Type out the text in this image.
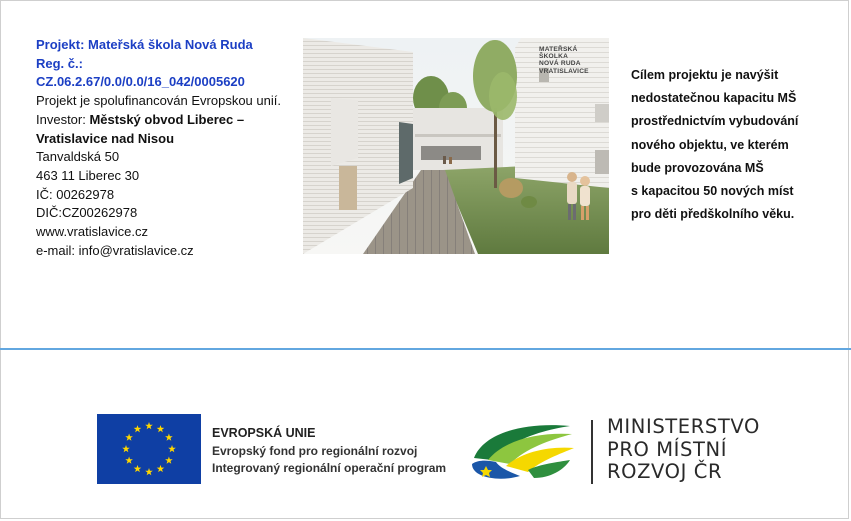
Projekt: Mateřská škola Nová Ruda
Reg. č.:
CZ.06.2.67/0.0/0.0/16_042/0005620
Projekt je spolufinancován Evropskou unií.
Investor: Městský obvod Liberec –
Vratislavice nad Nisou
Tanvaldská 50
463 11 Liberec 30
IČ: 00262978
DIČ:CZ00262978
www.vratislavice.cz
e-mail: info@vratislavice.cz
MATEŘSKÁ
ŠKOLKA
NOVÁ RUDA
VRATISLAVICE	Cílem projektu je navýšit
nedostatečnou kapacitu MŠ
prostřednictvím vybudování
nového objektu, ve kterém
bude provozována MŠ
s kapacitou 50 nových míst
pro děti předškolního věku.
EVROPSKÁ UNIE
Evropský fond pro regionální rozvoj
Integrovaný regionální operační program
MINISTERSTVO
PRO MÍSTNÍ
ROZVOJ ČR
